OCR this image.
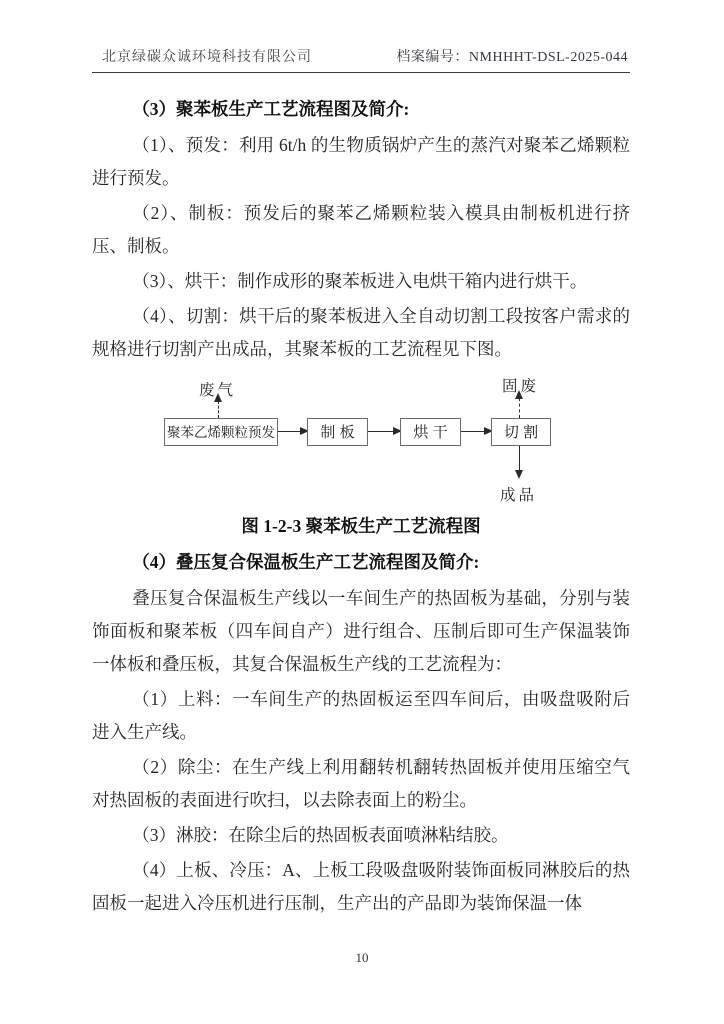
北京绿碳众诚环境科技有限公司	档案编号：NMHHHT-DSL-2025-044
（3）聚苯板生产工艺流程图及简介:

（1）、预发：利用 6t/h 的生物质锅炉产生的蒸汽对聚苯乙烯颗粒进行预发。

（2）、制板：预发后的聚苯乙烯颗粒装入模具由制板机进行挤压、制板。

（3）、烘干：制作成形的聚苯板进入电烘干箱内进行烘干。

（4）、切割：烘干后的聚苯板进入全自动切割工段按客户需求的规格进行切割产出成品，其聚苯板的工艺流程见下图。

废气	固废
成品
聚苯乙烯颗粒预发	制 板	烘 干	切 割
图 1-2-3 聚苯板生产工艺流程图
（4）叠压复合保温板生产工艺流程图及简介:

叠压复合保温板生产线以一车间生产的热固板为基础，分别与装饰面板和聚苯板（四车间自产）进行组合、压制后即可生产保温装饰一体板和叠压板，其复合保温板生产线的工艺流程为：

（1）上料：一车间生产的热固板运至四车间后，由吸盘吸附后进入生产线。

（2）除尘：在生产线上利用翻转机翻转热固板并使用压缩空气对热固板的表面进行吹扫，以去除表面上的粉尘。

（3）淋胶：在除尘后的热固板表面喷淋粘结胶。

（4）上板、冷压：A、上板工段吸盘吸附装饰面板同淋胶后的热固板一起进入冷压机进行压制，生产出的产品即为装饰保温一体

10
